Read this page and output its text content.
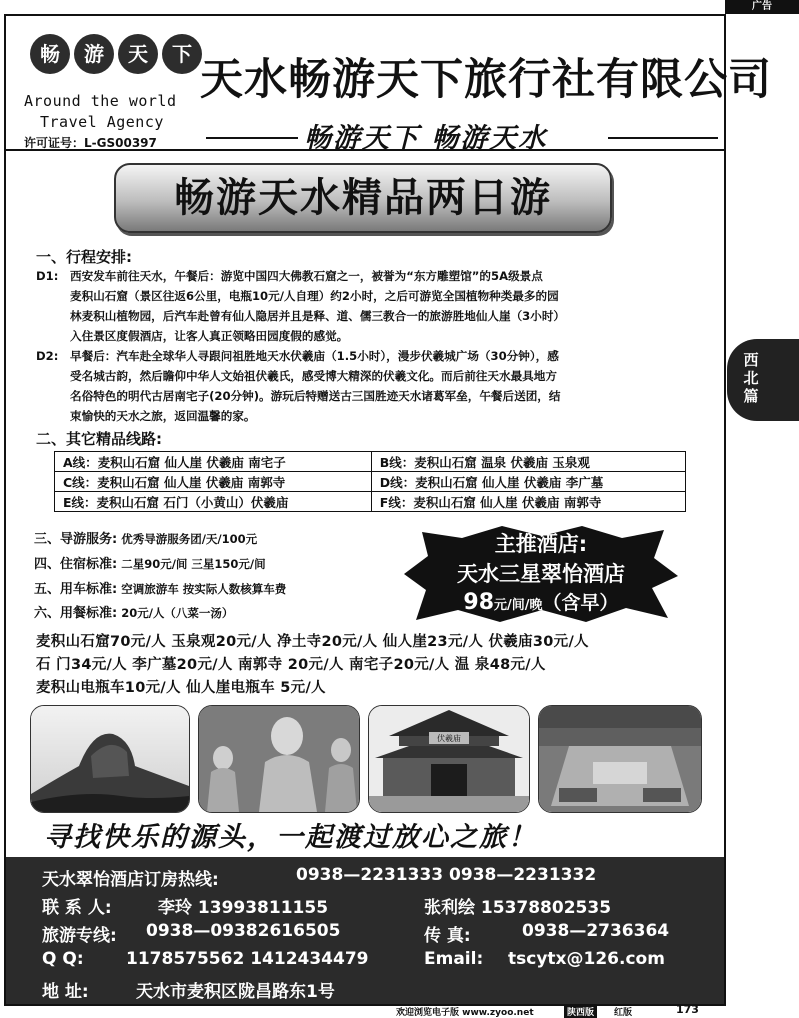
广告
畅	游	天	下
Around the world
Travel Agency
许可证号：L-GS00397
天水畅游天下旅行社有限公司
畅游天下 畅游天水
畅游天水精品两日游
一、行程安排:
D1: 西安发车前往天水，午餐后：游览中国四大佛教石窟之一，被誉为“东方雕塑馆”的5A级景点
麦积山石窟（景区往返6公里，电瓶10元/人自理）约2小时，之后可游览全国植物种类最多的园
林麦积山植物园，后汽车赴曾有仙人隐居并且是释、道、儒三教合一的旅游胜地仙人崖（3小时）
入住景区度假酒店，让客人真正领略田园度假的感觉。
D2: 早餐后：汽车赴全球华人寻跟问祖胜地天水伏羲庙（1.5小时），漫步伏羲城广场（30分钟），感
受名城古韵，然后瞻仰中华人文始祖伏羲氏，感受博大精深的伏羲文化。而后前往天水最具地方
名俗特色的明代古居南宅子(20分钟)。游玩后特赠送古三国胜迹天水诸葛军垒，午餐后送团，结
束愉快的天水之旅，返回温馨的家。
二、其它精品线路:
A线：麦积山石窟 仙人崖 伏羲庙 南宅子	B线：麦积山石窟 温泉 伏羲庙 玉泉观
C线：麦积山石窟 仙人崖 伏羲庙 南郭寺	D线：麦积山石窟 仙人崖 伏羲庙 李广墓
E线：麦积山石窟 石门（小黄山）伏羲庙	F线：麦积山石窟 仙人崖 伏羲庙 南郭寺
三、导游服务: 优秀导游服务团/天/100元
四、住宿标准: 二星90元/间 三星150元/间
五、用车标准: 空调旅游车 按实际人数核算车费
六、用餐标准: 20元/人（八菜一汤）
主推酒店:
天水三星翠怡酒店
98元/间/晚（含早）
麦积山石窟70元/人 玉泉观20元/人 净土寺20元/人 仙人崖23元/人 伏羲庙30元/人
石 门34元/人 李广墓20元/人 南郭寺 20元/人 南宅子20元/人 温 泉48元/人
麦积山电瓶车10元/人 仙人崖电瓶车 5元/人
伏羲庙
寻找快乐的源头，一起渡过放心之旅！
天水翠怡酒店订房热线:	0938—2231333 0938—2231332
联 系 人:	李玲 13993811155	张利绘 15378802535
旅游专线: 0938—09382616505	传 真:	0938—2736364
Q Q: 1178575562 1412434479	Email: tscytx@126.com
地 址:	天水市麦积区陇昌路东1号
西
北
篇
欢迎浏览电子版 www.zyoo.net	陕西版	红版	173
